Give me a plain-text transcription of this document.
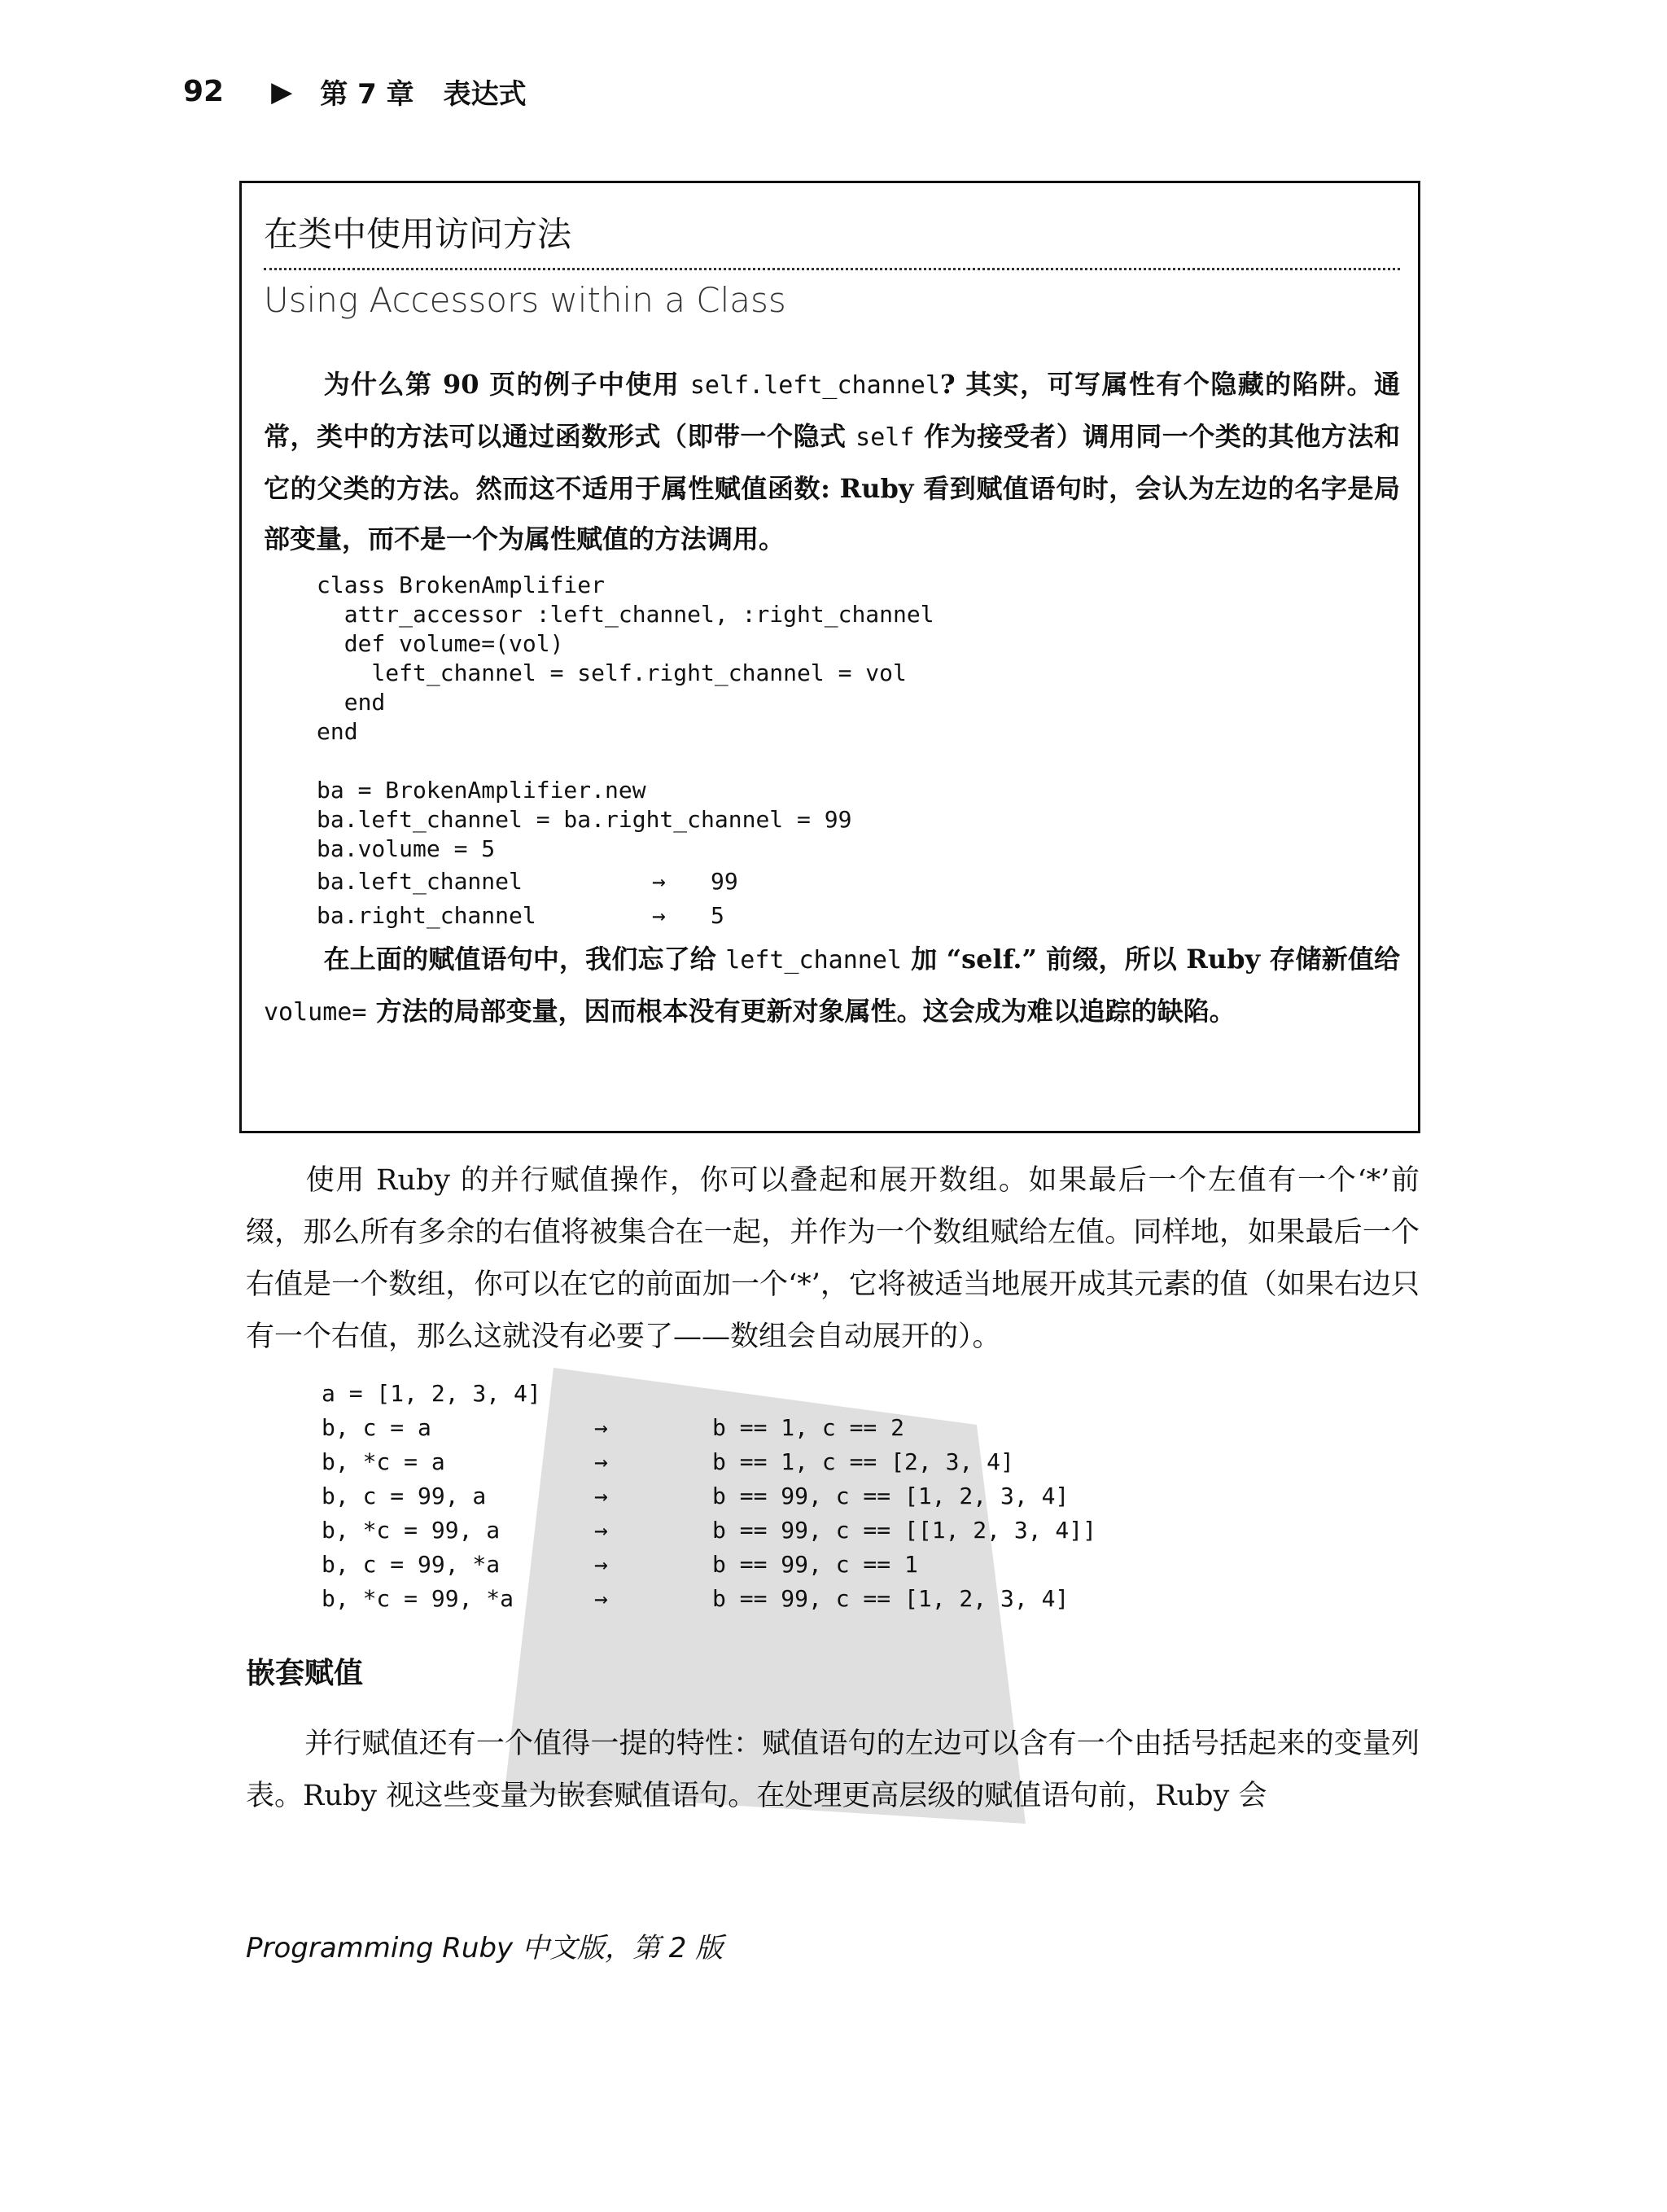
92 ▶ 第 7 章 表达式
在类中使用访问方法
Using Accessors within a Class

为什么第 90 页的例子中使用 self.left_channel? 其实，可写属性有个隐藏的陷阱。通常，类中的方法可以通过函数形式（即带一个隐式 self 作为接受者）调用同一个类的其他方法和它的父类的方法。然而这不适用于属性赋值函数: Ruby 看到赋值语句时，会认为左边的名字是局部变量，而不是一个为属性赋值的方法调用。

class BrokenAmplifier
attr_accessor :left_channel, :right_channel
def volume=(vol)
left_channel = self.right_channel = vol
end
end
ba = BrokenAmplifier.new
ba.left_channel = ba.right_channel = 99
ba.volume = 5
ba.left_channel	→	99
ba.right_channel	→	5

在上面的赋值语句中，我们忘了给 left_channel 加 “self.” 前缀，所以 Ruby 存储新值给 volume= 方法的局部变量，因而根本没有更新对象属性。这会成为难以追踪的缺陷。

使用 Ruby 的并行赋值操作，你可以叠起和展开数组。如果最后一个左值有一个‘*’前缀，那么所有多余的右值将被集合在一起，并作为一个数组赋给左值。同样地，如果最后一个右值是一个数组，你可以在它的前面加一个‘*’，它将被适当地展开成其元素的值（如果右边只有一个右值，那么这就没有必要了——数组会自动展开的）。

a = [1, 2, 3, 4]
b, c = a	→	b == 1, c == 2
b, *c = a	→	b == 1, c == [2, 3, 4]
b, c = 99, a	→	b == 99, c == [1, 2, 3, 4]
b, *c = 99, a	→	b == 99, c == [[1, 2, 3, 4]]
b, c = 99, *a	→	b == 99, c == 1
b, *c = 99, *a	→	b == 99, c == [1, 2, 3, 4]
嵌套赋值

并行赋值还有一个值得一提的特性：赋值语句的左边可以含有一个由括号括起来的变量列表。Ruby 视这些变量为嵌套赋值语句。在处理更高层级的赋值语句前，Ruby 会

Programming Ruby 中文版，第 2 版
